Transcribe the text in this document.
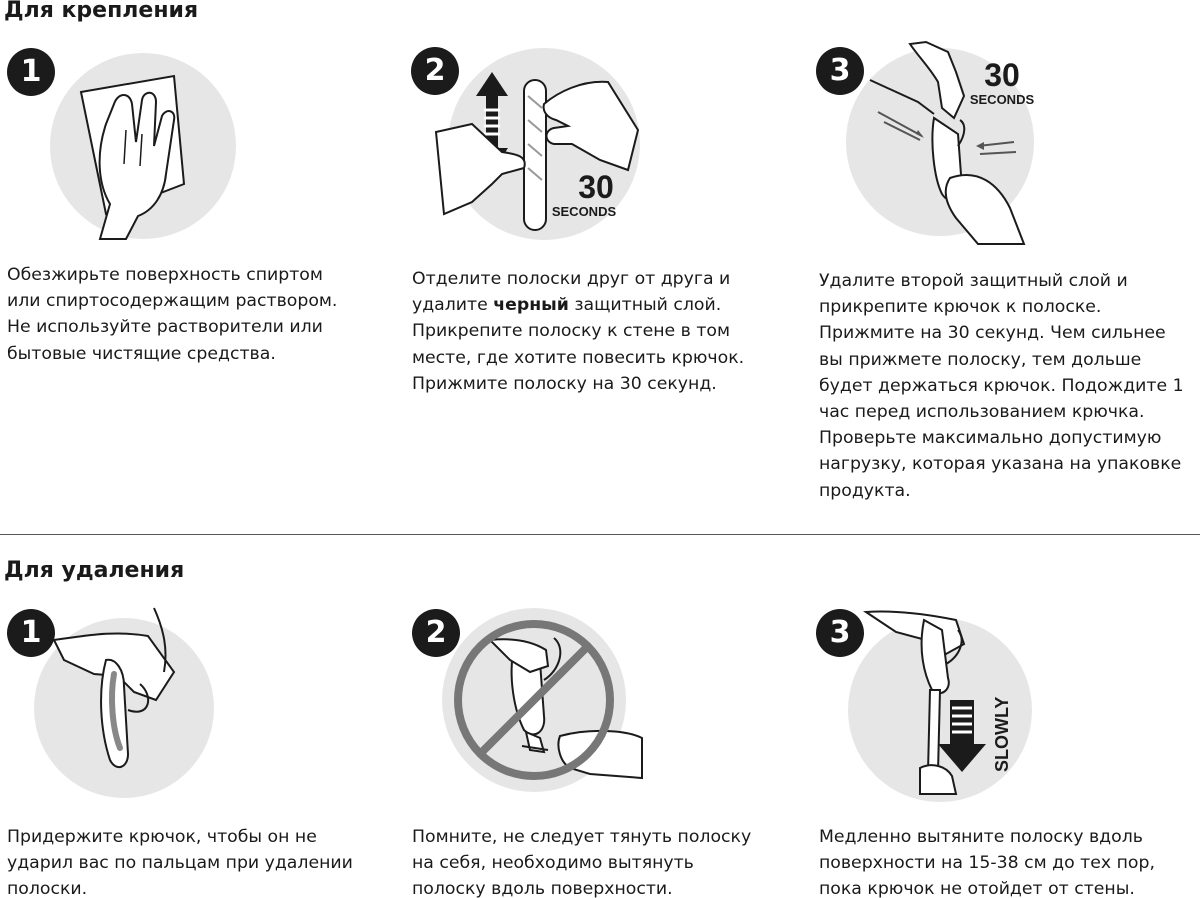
Для крепления
1

Обезжирьте поверхность спиртом

или спиртосодержащим раствором.

Не используйте растворители или

бытовые чистящие средства.

2
30
SECONDS

Отделите полоски друг от друга и

удалите черный защитный слой.

Прикрепите полоску к стене в том

месте, где хотите повесить крючок.

Прижмите полоску на 30 секунд.

3	30
SECONDS

Удалите второй защитный слой и

прикрепите крючок к полоске.

Прижмите на 30 секунд. Чем сильнее

вы прижмете полоску, тем дольше

будет держаться крючок. Подождите 1

час перед использованием крючка.

Проверьте максимально допустимую

нагрузку, которая указана на упаковке

продукта.

Для удаления
1

Придержите крючок, чтобы он не

ударил вас по пальцам при удалении

полоски.

2

Помните, не следует тянуть полоску

на себя, необходимо вытянуть

полоску вдоль поверхности.

3
SLOWLY

Медленно вытяните полоску вдоль

поверхности на 15-38 см до тех пор,

пока крючок не отойдет от стены.
